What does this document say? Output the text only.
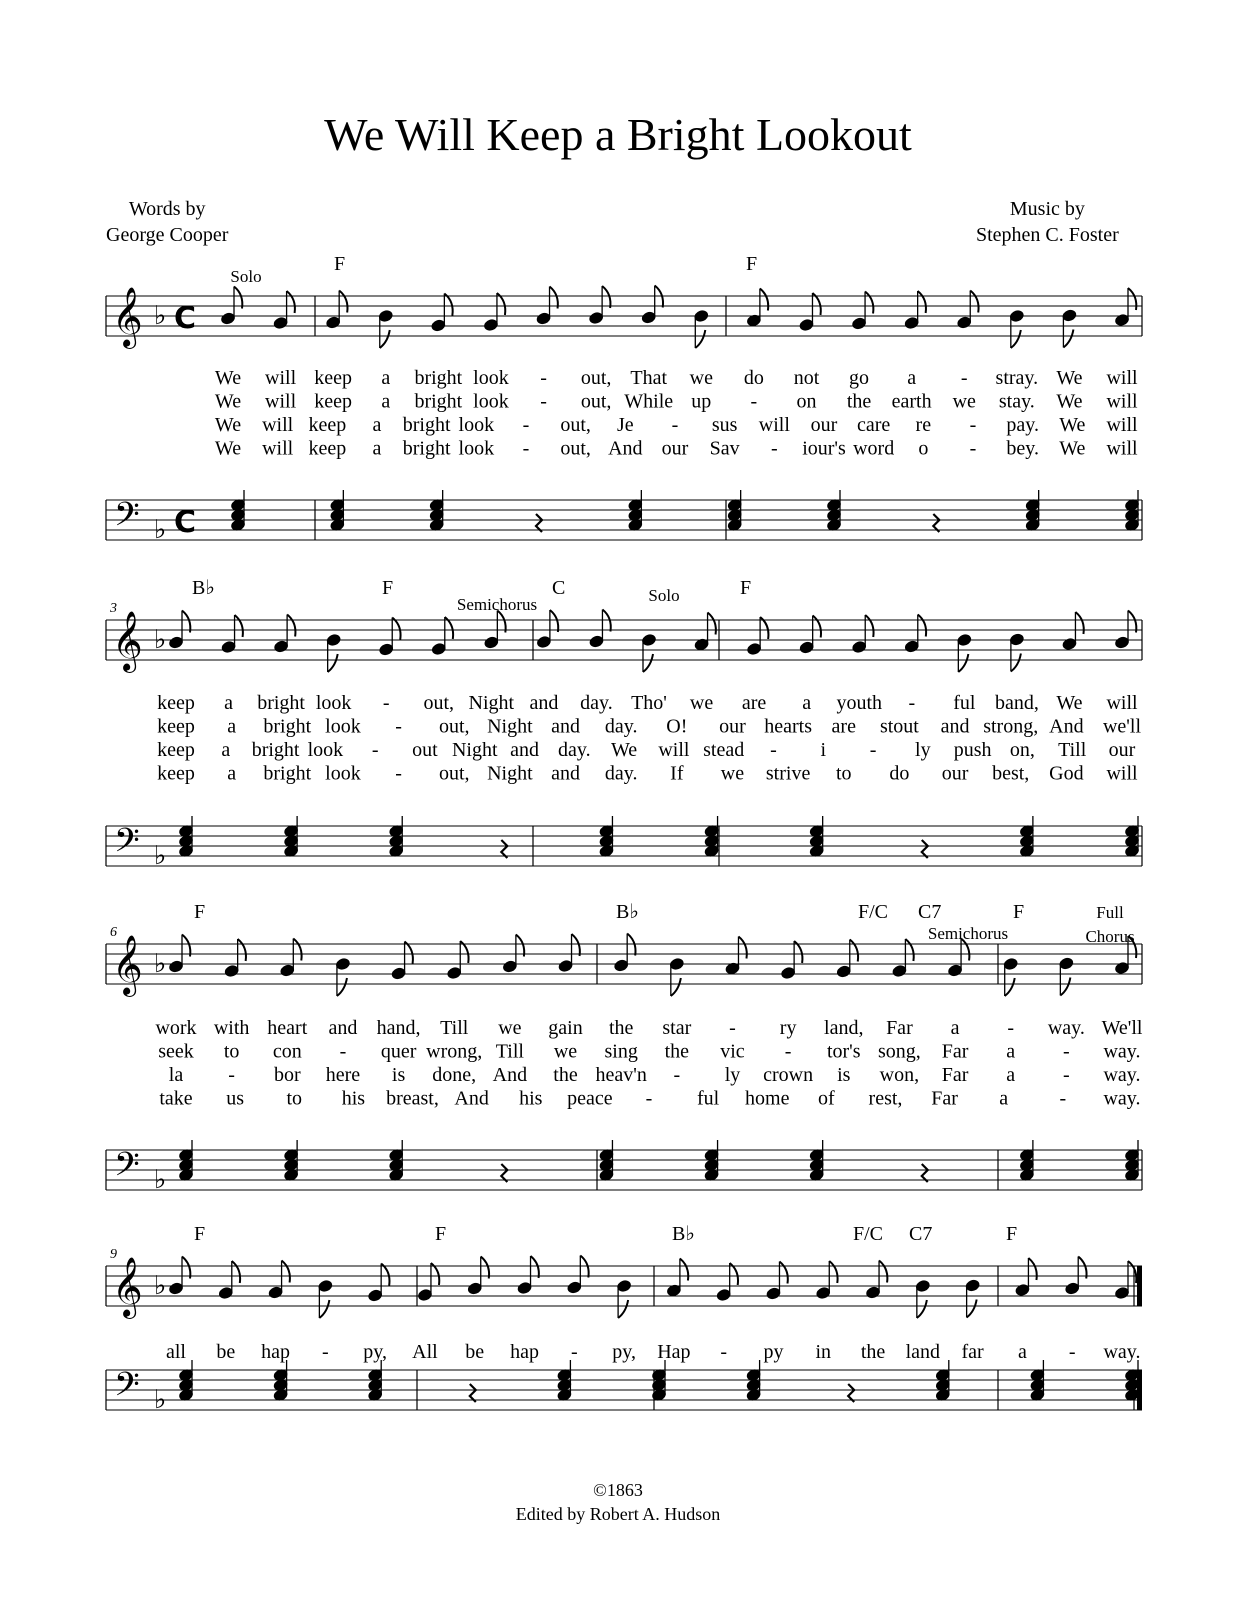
We Will Keep a Bright Lookout
Words by
George Cooper
Music by
Stephen C. Foster
𝄞
𝄢
♭
♭
C
C
F	F
Solo
We will keep a bright look - out, That we do not go a - stray. We will
We will keep a bright look - out, While up - on the earth we stay. We will
We will keep a bright look - out, Je - sus will our care re - pay. We will
We will keep a bright look - out, And our Sav - iour's word o - bey. We will
𝄞
𝄢
♭
♭
3
B♭	F	C	F
Semichorus	Solo
keep a bright look - out, Night and day. Tho' we are a youth - ful band, We will
keep a bright look - out, Night and day. O! our hearts are stout and strong, And we'll
keep a bright look - out Night and day. We will stead - i - ly push on, Till our
keep a bright look - out, Night and day. If we strive to do our best, God will
𝄞
𝄢
♭
♭
6
F	B♭	F/C C7	F
Semichorus
Full
Chorus
work with heart and hand, Till we gain the star - ry land, Far a - way. We'll
seek to con - quer wrong, Till we sing the vic - tor's song, Far a - way.
la - bor here is done, And the heav'n - ly crown is won, Far a - way.
take us to his breast, And his peace - ful home of rest, Far a	- way.
𝄞
𝄢
♭
♭
9
F	F	B♭	F/C C7	F
all be hap - py, All be hap - py, Hap - py in the land far a - way.
©1863
Edited by Robert A. Hudson
